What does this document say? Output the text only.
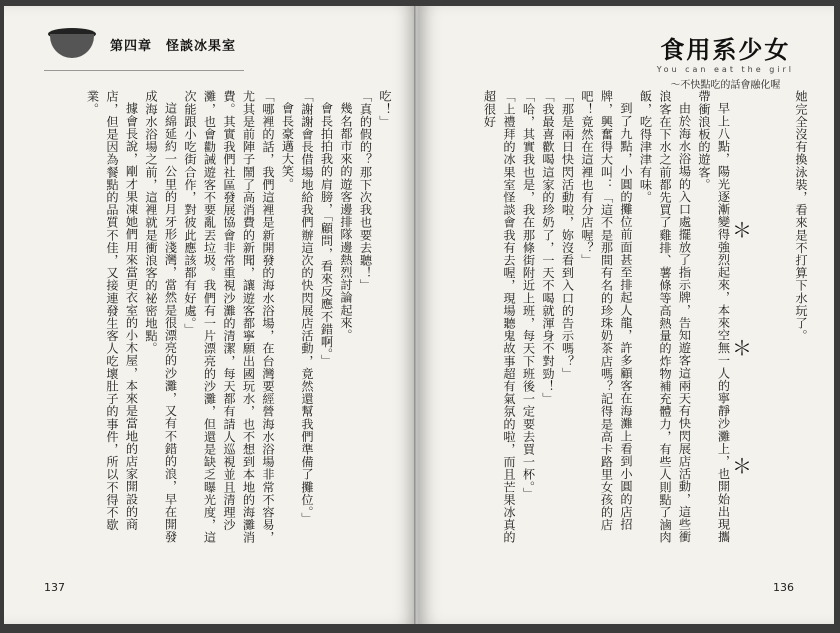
第四章　怪談冰果室

吃！」

「真的假的？那下次我也要去聽！」

幾名都市來的遊客邊排隊邊熱烈討論起來。

會長拍拍我的肩膀，「顧問，看來反應不錯啊。」

「謝謝會長借場地給我們辦這次的快閃展店活動，竟然還幫我們準備了攤位。」

會長豪邁大笑。

「哪裡的話，我們這裡是新開發的海水浴場，在台灣要經營海水浴場非常不容易，尤其是前陣子鬧了高消費的新聞，讓遊客都寧願出國玩水，也不想到本地的海灘消費。其實我們社區發展協會非常重視沙灘的清潔，每天都有請人巡視並且清理沙灘，也會勸誡遊客不要亂丟垃圾。我們有一片漂亮的沙灘，但還是缺乏曝光度，這次能跟小吃街合作，對彼此應該都有好處。」

這綿延約一公里的月牙形淺灣，當然是很漂亮的沙灘，又有不錯的浪，早在開發成海水浴場之前，這裡就是衝浪客的祕密地點。

據會長說，剛才果凍她們用來當更衣室的小木屋，本來是當地的店家開設的商店，但是因為餐點的品質不佳，又接連發生客人吃壞肚子的事件，所以不得不歇業。

137
食用系少女
You can eat the girl
～不快點吃的話會融化喔

她完全沒有換泳裝，看來是不打算下水玩了。

早上八點，陽光逐漸變得強烈起來，本來空無一人的寧靜沙灘上，也開始出現攜帶衝浪板的遊客。

由於海水浴場的入口處擺放了指示牌，告知遊客這兩天有快閃展店活動，這些衝浪客在下水之前都先買了雞排、薯條等高熱量的炸物補充體力，有些人則點了滷肉飯，吃得津津有味。

到了九點，小圓的攤位前面甚至排起人龍，許多顧客在海灘上看到小圓的店招牌，興奮得大叫：「這不是那間有名的珍珠奶茶店嗎？記得是高卡路里女孩的店吧！竟然在這裡也有分店喔？」

「那是兩日快閃活動啦，妳沒看到入口的告示嗎？」

「我最喜歡喝這家的珍奶了，一天不喝就渾身不對勁！」

「哈，其實我也是，我在那條街附近上班，每天下班後一定要去買一杯。」

「上禮拜的冰果室怪談會我有去喔，現場聽鬼故事超有氣氛的啦，而且芒果冰真的超很好

136
＊
＊
＊
